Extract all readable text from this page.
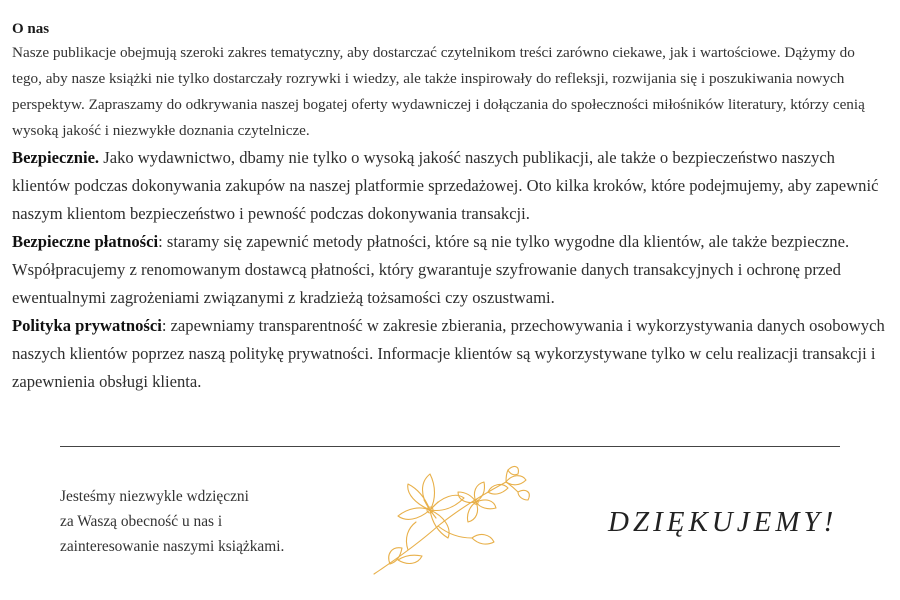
O nas

Nasze publikacje obejmują szeroki zakres tematyczny, aby dostarczać czytelnikom treści zarówno ciekawe, jak i wartościowe. Dążymy do tego, aby nasze książki nie tylko dostarczały rozrywki i wiedzy, ale także inspirowały do refleksji, rozwijania się i poszukiwania nowych perspektyw. Zapraszamy do odkrywania naszej bogatej oferty wydawniczej i dołączania do społeczności miłośników literatury, którzy cenią wysoką jakość i niezwykłe doznania czytelnicze.

Bezpiecznie. Jako wydawnictwo, dbamy nie tylko o wysoką jakość naszych publikacji, ale także o bezpieczeństwo naszych klientów podczas dokonywania zakupów na naszej platformie sprzedażowej. Oto kilka kroków, które podejmujemy, aby zapewnić naszym klientom bezpieczeństwo i pewność podczas dokonywania transakcji.

Bezpieczne płatności: staramy się zapewnić metody płatności, które są nie tylko wygodne dla klientów, ale także bezpieczne. Współpracujemy z renomowanym dostawcą płatności, który gwarantuje szyfrowanie danych transakcyjnych i ochronę przed ewentualnymi zagrożeniami związanymi z kradzieżą tożsamości czy oszustwami.

Polityka prywatności: zapewniamy transparentność w zakresie zbierania, przechowywania i wykorzystywania danych osobowych naszych klientów poprzez naszą politykę prywatności. Informacje klientów są wykorzystywane tylko w celu realizacji transakcji i zapewnienia obsługi klienta.

Jesteśmy niezwykle wdzięczni
za Waszą obecność u nas i
zainteresowanie naszymi książkami.
DZIĘKUJEMY!
